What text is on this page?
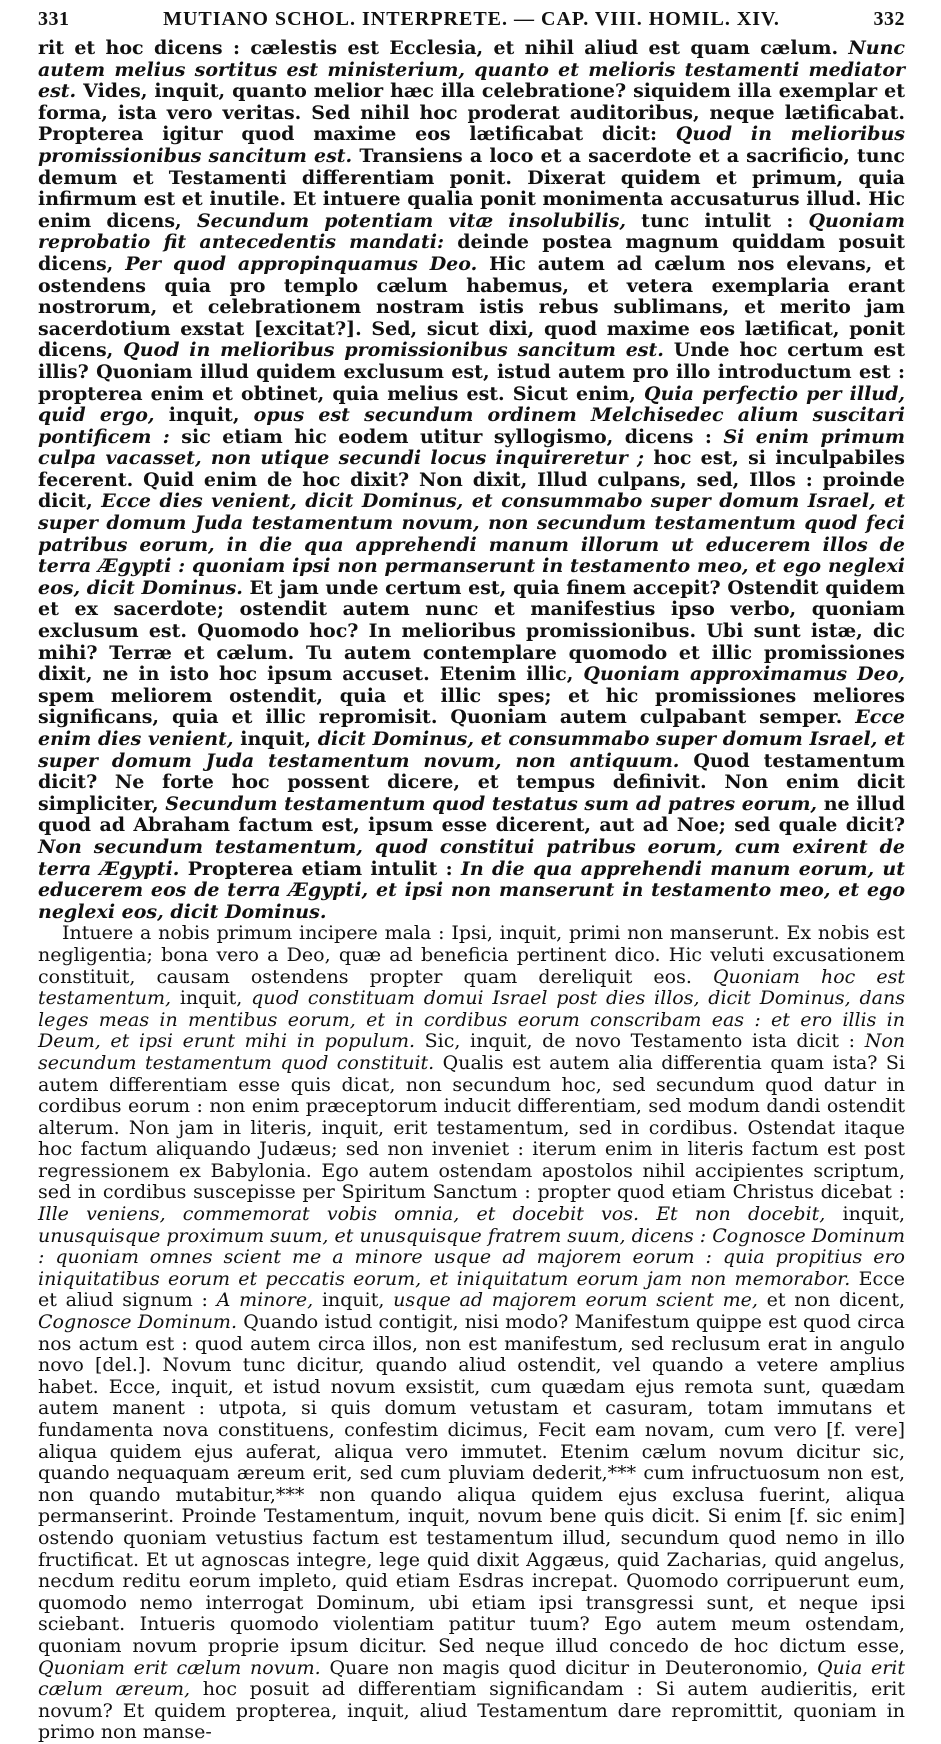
331	MUTIANO SCHOL. INTERPRETE. — CAP. VIII. HOMIL. XIV.	332

rit et hoc dicens : cælestis est Ecclesia, et nihil aliud est quam cælum. Nunc autem melius sortitus est ministerium, quanto et melioris testamenti mediator est. Vides, inquit, quanto melior hæc illa celebratione? siquidem illa exemplar et forma, ista vero veritas. Sed nihil hoc proderat auditoribus, neque lætificabat. Propterea igitur quod maxime eos lætificabat dicit: Quod in melioribus promissionibus sancitum est. Transiens a loco et a sacerdote et a sacrificio, tunc demum et Testamenti differentiam ponit. Dixerat quidem et primum, quia infirmum est et inutile. Et intuere qualia ponit monimenta accusaturus illud. Hic enim dicens, Secundum potentiam vitæ insolubilis, tunc intulit : Quoniam reprobatio fit antecedentis mandati: deinde postea magnum quiddam posuit dicens, Per quod appropinquamus Deo. Hic autem ad cælum nos elevans, et ostendens quia pro templo cælum habemus, et vetera exemplaria erant nostrorum, et celebrationem nostram istis rebus sublimans, et merito jam sacerdotium exstat [excitat?]. Sed, sicut dixi, quod maxime eos lætificat, ponit dicens, Quod in melioribus promissionibus sancitum est. Unde hoc certum est illis? Quoniam illud quidem exclusum est, istud autem pro illo introductum est : propterea enim et obtinet, quia melius est. Sicut enim, Quia perfectio per illud, quid ergo, inquit, opus est secundum ordinem Melchisedec alium suscitari pontificem : sic etiam hic eodem utitur syllogismo, dicens : Si enim primum culpa vacasset, non utique secundi locus inquireretur ; hoc est, si inculpabiles fecerent. Quid enim de hoc dixit? Non dixit, Illud culpans, sed, Illos : proinde dicit, Ecce dies venient, dicit Dominus, et consummabo super domum Israel, et super domum Juda testamentum novum, non secundum testamentum quod feci patribus eorum, in die qua apprehendi manum illorum ut educerem illos de terra Ægypti : quoniam ipsi non permanserunt in testamento meo, et ego neglexi eos, dicit Dominus. Et jam unde certum est, quia finem accepit? Ostendit quidem et ex sacerdote; ostendit autem nunc et manifestius ipso verbo, quoniam exclusum est. Quomodo hoc? In melioribus promissionibus. Ubi sunt istæ, dic mihi? Terræ et cælum. Tu autem contemplare quomodo et illic promissiones dixit, ne in isto hoc ipsum accuset. Etenim illic, Quoniam approximamus Deo, spem meliorem ostendit, quia et illic spes; et hic promissiones meliores significans, quia et illic repromisit. Quoniam autem culpabant semper. Ecce enim dies venient, inquit, dicit Dominus, et consummabo super domum Israel, et super domum Juda testamentum novum, non antiquum. Quod testamentum dicit? Ne forte hoc possent dicere, et tempus definivit. Non enim dicit simpliciter, Secundum testamentum quod testatus sum ad patres eorum, ne illud quod ad Abraham factum est, ipsum esse dicerent, aut ad Noe; sed quale dicit? Non secundum testamentum, quod constitui patribus eorum, cum exirent de terra Ægypti. Propterea etiam intulit : In die qua apprehendi manum eorum, ut educerem eos de terra Ægypti, et ipsi non manserunt in testamento meo, et ego neglexi eos, dicit Dominus.

Intuere a nobis primum incipere mala : Ipsi, inquit, primi non manserunt. Ex nobis est negligentia; bona vero a Deo, quæ ad beneficia pertinent dico. Hic veluti excusationem constituit, causam ostendens propter quam dereliquit eos. Quoniam hoc est testamentum, inquit, quod constituam domui Israel post dies illos, dicit Dominus, dans leges meas in mentibus eorum, et in cordibus eorum conscribam eas : et ero illis in Deum, et ipsi erunt mihi in populum. Sic, inquit, de novo Testamento ista dicit : Non secundum testamentum quod constituit. Qualis est autem alia differentia quam ista? Si autem differentiam esse quis dicat, non secundum hoc, sed secundum quod datur in cordibus eorum : non enim præceptorum inducit differentiam, sed modum dandi ostendit alterum. Non jam in literis, inquit, erit testamentum, sed in cordibus. Ostendat itaque hoc factum aliquando Judæus; sed non inveniet : iterum enim in literis factum est post regressionem ex Babylonia. Ego autem ostendam apostolos nihil accipientes scriptum, sed in cordibus suscepisse per Spiritum Sanctum : propter quod etiam Christus dicebat : Ille veniens, commemorat vobis omnia, et docebit vos. Et non docebit, inquit, unusquisque proximum suum, et unusquisque fratrem suum, dicens : Cognosce Dominum : quoniam omnes scient me a minore usque ad majorem eorum : quia propitius ero iniquitatibus eorum et peccatis eorum, et iniquitatum eorum jam non memorabor. Ecce et aliud signum : A minore, inquit, usque ad majorem eorum scient me, et non dicent, Cognosce Dominum. Quando istud contigit, nisi modo? Manifestum quippe est quod circa nos actum est : quod autem circa illos, non est manifestum, sed reclusum erat in angulo novo [del.]. Novum tunc dicitur, quando aliud ostendit, vel quando a vetere amplius habet. Ecce, inquit, et istud novum exsistit, cum quædam ejus remota sunt, quædam autem manent : utpota, si quis domum vetustam et casuram, totam immutans et fundamenta nova constituens, confestim dicimus, Fecit eam novam, cum vero [f. vere] aliqua quidem ejus auferat, aliqua vero immutet. Etenim cælum novum dicitur sic, quando nequaquam æreum erit, sed cum pluviam dederit,*** cum infructuosum non est, non quando mutabitur,*** non quando aliqua quidem ejus exclusa fuerint, aliqua permanserint. Proinde Testamentum, inquit, novum bene quis dicit. Si enim [f. sic enim] ostendo quoniam vetustius factum est testamentum illud, secundum quod nemo in illo fructificat. Et ut agnoscas integre, lege quid dixit Aggæus, quid Zacharias, quid angelus, necdum reditu eorum impleto, quid etiam Esdras increpat. Quomodo corripuerunt eum, quomodo nemo interrogat Dominum, ubi etiam ipsi transgressi sunt, et neque ipsi sciebant. Intueris quomodo violentiam patitur tuum? Ego autem meum ostendam, quoniam novum proprie ipsum dicitur. Sed neque illud concedo de hoc dictum esse, Quoniam erit cælum novum. Quare non magis quod dicitur in Deuteronomio, Quia erit cælum æreum, hoc posuit ad differentiam significandam : Si autem audieritis, erit novum? Et quidem propterea, inquit, aliud Testamentum dare repromittit, quoniam in primo non manse-
